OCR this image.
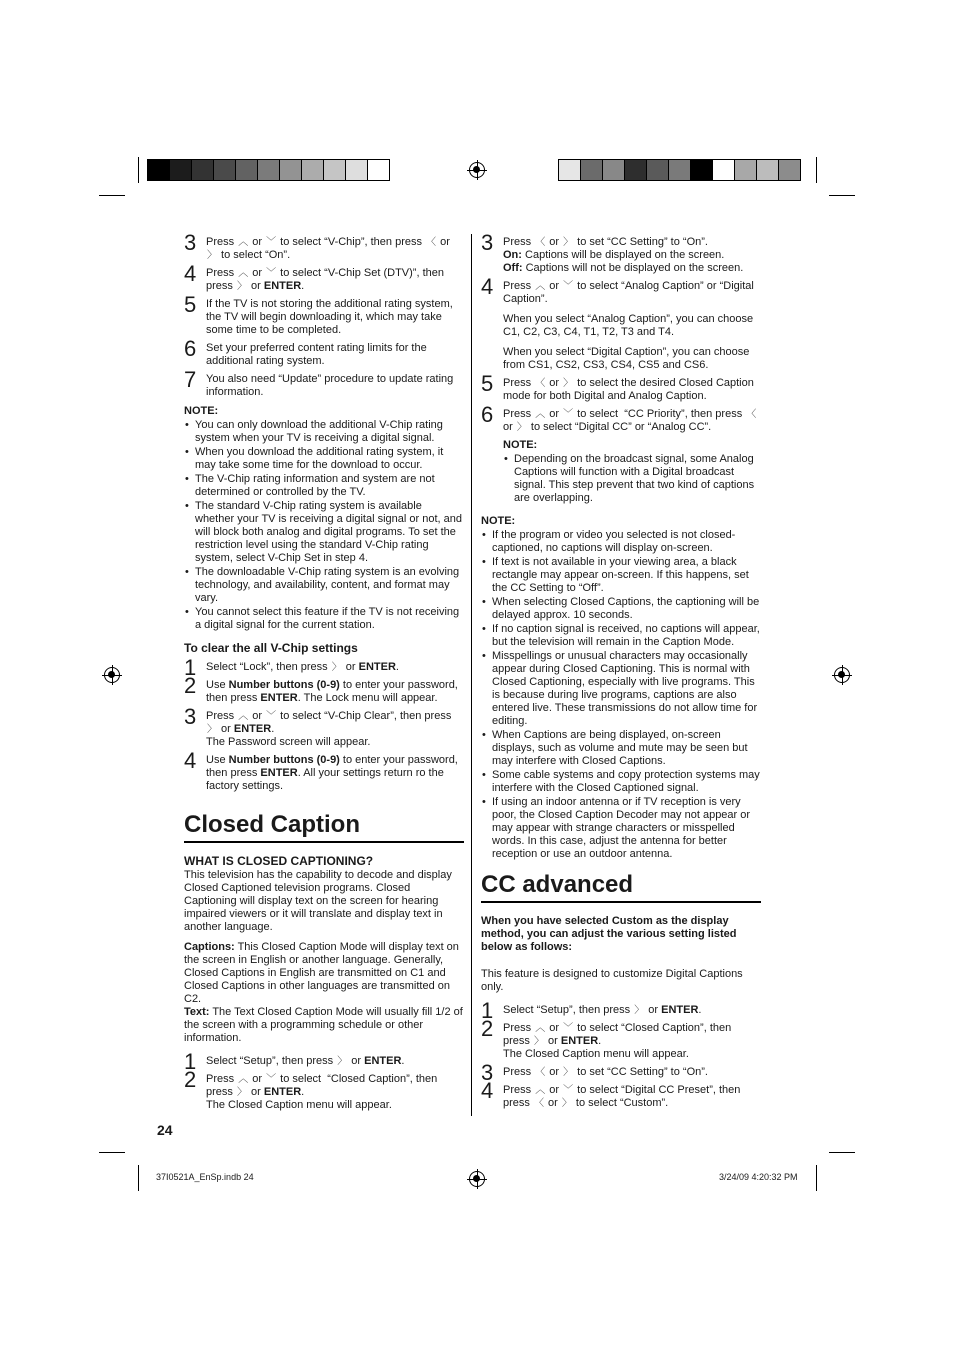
3 Press ︿ or ﹀ to select “V-Chip”, then press 〈 or 〉 to select “On”.
4 Press ︿ or ﹀ to select “V-Chip Set (DTV)”, then press 〉 or ENTER.
5 If the TV is not storing the additional rating system, the TV will begin downloading it, which may take some time to be completed.
6 Set your preferred content rating limits for the additional rating system.
7 You also need “Update” procedure to update rating information.
NOTE:
• You can only download the additional V-Chip rating system when your TV is receiving a digital signal.
• When you download the additional rating system, it may take some time for the download to occur.
• The V-Chip rating information and system are not determined or controlled by the TV.
• The standard V-Chip rating system is available whether your TV is receiving a digital signal or not, and will block both analog and digital programs. To set the restriction level using the standard V-Chip rating system, select V-Chip Set in step 4.
• The downloadable V-Chip rating system is an evolving technology, and availability, content, and format may vary.
• You cannot select this feature if the TV is not receiving a digital signal for the current station.
To clear the all V-Chip settings
1 Select “Lock”, then press 〉 or ENTER.
2 Use Number buttons (0-9) to enter your password, then press ENTER. The Lock menu will appear.
3 Press ︿ or ﹀ to select “V-Chip Clear”, then press 〉 or ENTER.
The Password screen will appear.
4 Use Number buttons (0-9) to enter your password, then press ENTER. All your settings return ro the factory settings.
Closed Caption
WHAT IS CLOSED CAPTIONING?

This television has the capability to decode and display Closed Captioned television programs. Closed Captioning will display text on the screen for hearing impaired viewers or it will translate and display text in another language.

Captions: This Closed Caption Mode will display text on the screen in English or another language. Generally, Closed Captions in English are transmitted on C1 and Closed Captions in other languages are transmitted on C2.
Text: The Text Closed Caption Mode will usually fill 1/2 of the screen with a programming schedule or other information.

1 Select “Setup”, then press 〉 or ENTER.
2 Press ︿ or ﹀ to select  “Closed Caption”, then press 〉 or ENTER.
The Closed Caption menu will appear.
3 Press 〈 or 〉 to set “CC Setting” to “On”.
On: Captions will be displayed on the screen.
Off: Captions will not be displayed on the screen.
4 Press ︿ or ﹀ to select “Analog Caption” or “Digital Caption”.
When you select “Analog Caption”, you can choose C1, C2, C3, C4, T1, T2, T3 and T4.
When you select “Digital Caption”, you can choose from CS1, CS2, CS3, CS4, CS5 and CS6.
5 Press 〈 or 〉 to select the desired Closed Caption mode for both Digital and Analog Caption.
6 Press ︿ or ﹀ to select  “CC Priority”, then press 〈 or 〉 to select “Digital CC” or “Analog CC”.
NOTE:
• Depending on the broadcast signal, some Analog Captions will function with a Digital broadcast signal. This step prevent that two kind of captions are overlapping.
NOTE:
• If the program or video you selected is not closed-captioned, no captions will display on-screen.
• If text is not available in your viewing area, a black rectangle may appear on-screen. If this happens, set the CC Setting to “Off”.
• When selecting Closed Captions, the captioning will be delayed approx. 10 seconds.
• If no caption signal is received, no captions will appear, but the television will remain in the Caption Mode.
• Misspellings or unusual characters may occasionally appear during Closed Captioning. This is normal with Closed Captioning, especially with live programs. This is because during live programs, captions are also entered live. These transmissions do not allow time for editing.
• When Captions are being displayed, on-screen displays, such as volume and mute may be seen but may interfere with Closed Captions.
• Some cable systems and copy protection systems may interfere with the Closed Captioned signal.
• If using an indoor antenna or if TV reception is very poor, the Closed Caption Decoder may not appear or may appear with strange characters or misspelled words. In this case, adjust the antenna for better reception or use an outdoor antenna.
CC advanced

When you have selected Custom as the display method, you can adjust the various setting listed below as follows:

This feature is designed to customize Digital Captions only.

1 Select “Setup”, then press 〉 or ENTER.
2 Press ︿ or ﹀ to select “Closed Caption”, then press 〉 or ENTER.
The Closed Caption menu will appear.
3 Press 〈 or 〉 to set “CC Setting” to “On”.
4 Press ︿ or ﹀ to select “Digital CC Preset”, then press 〈 or 〉 to select “Custom”.
24
37I0521A_EnSp.indb 24	3/24/09 4:20:32 PM
